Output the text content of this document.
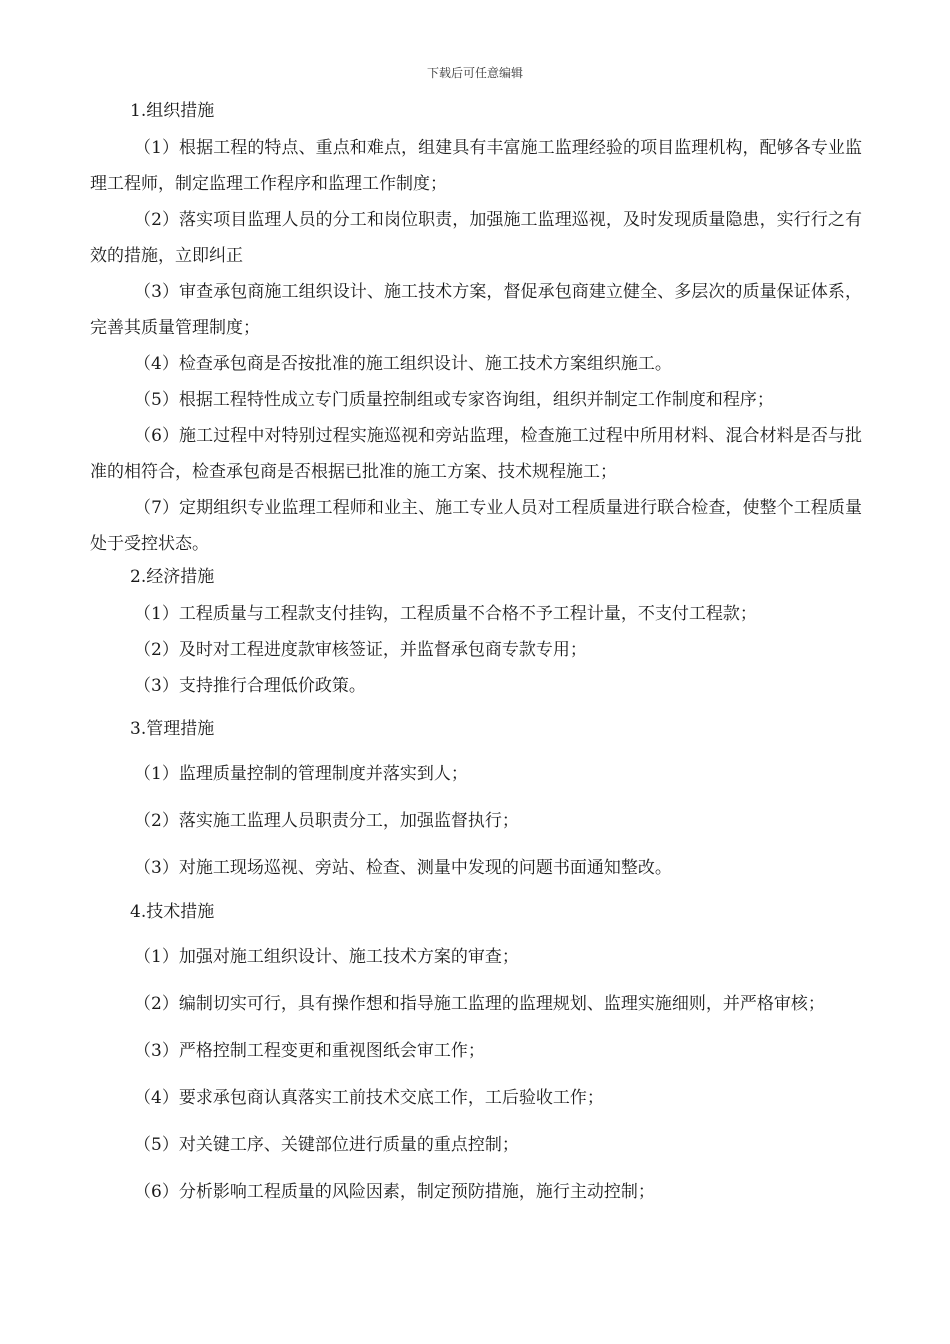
下载后可任意编辑
1.组织措施

（1）根据工程的特点、重点和难点，组建具有丰富施工监理经验的项目监理机构，配够各专业监理工程师，制定监理工作程序和监理工作制度；

（2）落实项目监理人员的分工和岗位职责，加强施工监理巡视，及时发现质量隐患，实行行之有效的措施，立即纠正

（3）审查承包商施工组织设计、施工技术方案，督促承包商建立健全、多层次的质量保证体系，完善其质量管理制度；

（4）检查承包商是否按批准的施工组织设计、施工技术方案组织施工。

（5）根据工程特性成立专门质量控制组或专家咨询组，组织并制定工作制度和程序；

（6）施工过程中对特别过程实施巡视和旁站监理，检查施工过程中所用材料、混合材料是否与批准的相符合，检查承包商是否根据已批准的施工方案、技术规程施工；

（7）定期组织专业监理工程师和业主、施工专业人员对工程质量进行联合检查，使整个工程质量处于受控状态。

2.经济措施

（1）工程质量与工程款支付挂钩，工程质量不合格不予工程计量，不支付工程款；

（2）及时对工程进度款审核签证，并监督承包商专款专用；

（3）支持推行合理低价政策。

3.管理措施

（1）监理质量控制的管理制度并落实到人；

（2）落实施工监理人员职责分工，加强监督执行；

（3）对施工现场巡视、旁站、检查、测量中发现的问题书面通知整改。

4.技术措施

（1）加强对施工组织设计、施工技术方案的审查；

（2）编制切实可行，具有操作想和指导施工监理的监理规划、监理实施细则，并严格审核；

（3）严格控制工程变更和重视图纸会审工作；

（4）要求承包商认真落实工前技术交底工作，工后验收工作；

（5）对关键工序、关键部位进行质量的重点控制；

（6）分析影响工程质量的风险因素，制定预防措施，施行主动控制；
